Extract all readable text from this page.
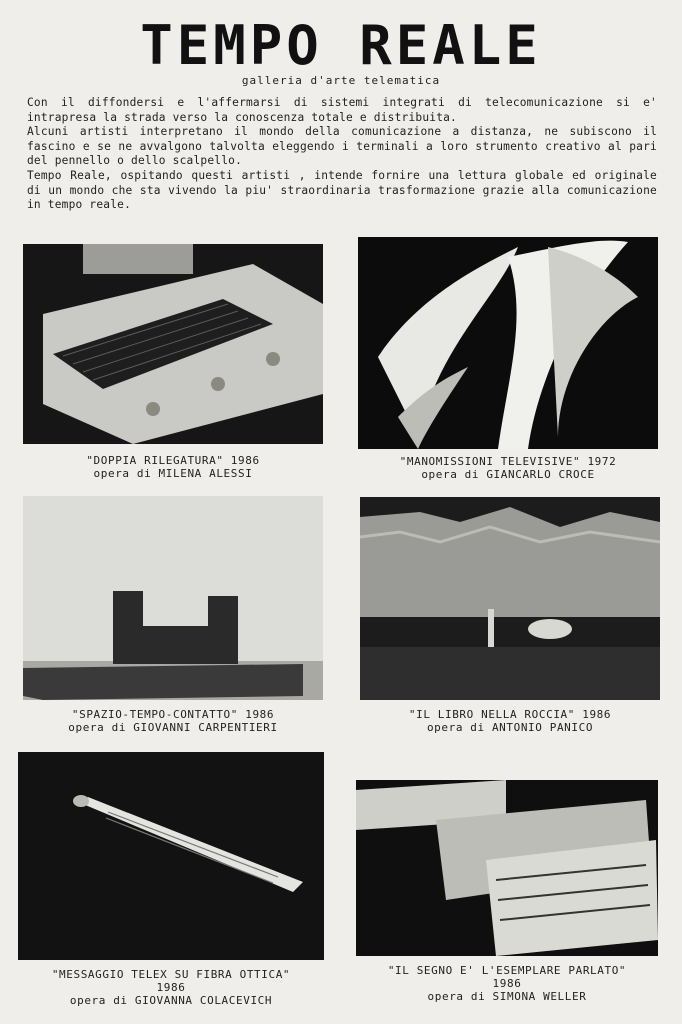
TEMPO REALE
galleria d'arte telematica

Con il diffondersi e l'affermarsi di sistemi integrati di telecomunicazione si e' intrapresa la strada verso la conoscenza totale e distribuita.

Alcuni artisti interpretano il mondo della comunicazione a distanza, ne subiscono il fascino e se ne avvalgono talvolta eleggendo i terminali a loro strumento creativo al pari del pennello o dello scalpello.

Tempo Reale, ospitando questi artisti , intende fornire una lettura globale ed originale di un mondo che sta vivendo la piu' straordinaria trasformazione grazie alla comunicazione in tempo reale.

"DOPPIA RILEGATURA" 1986
opera di MILENA ALESSI
"MANOMISSIONI TELEVISIVE" 1972
opera di GIANCARLO CROCE
"SPAZIO-TEMPO-CONTATTO" 1986
opera di GIOVANNI CARPENTIERI
"IL LIBRO NELLA ROCCIA" 1986
opera di ANTONIO PANICO
"MESSAGGIO TELEX SU FIBRA OTTICA"
1986
opera di GIOVANNA COLACEVICH
"IL SEGNO E' L'ESEMPLARE PARLATO"
1986
opera di SIMONA WELLER
